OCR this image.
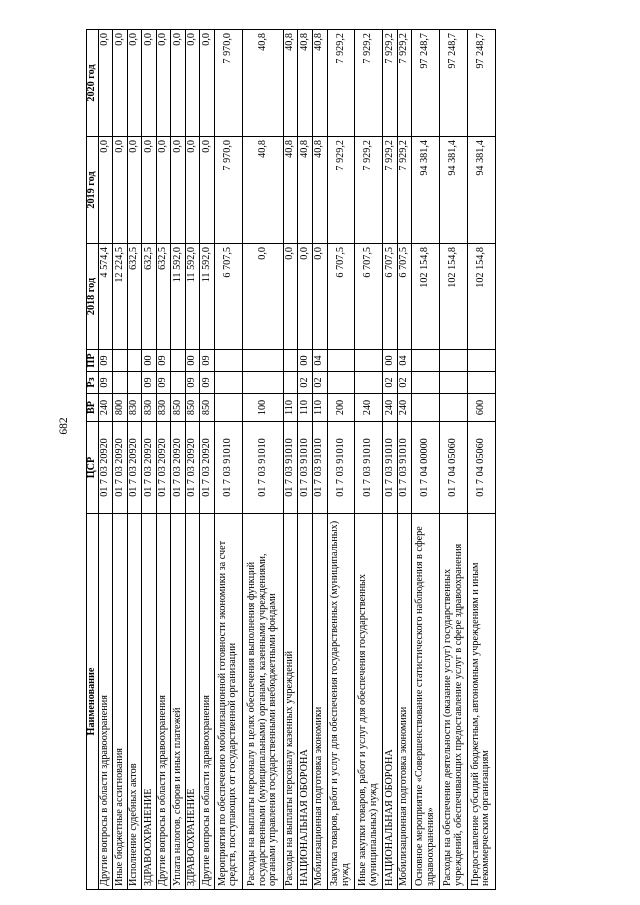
682
Наименование	ЦСР	ВР	Рз	ПР	2018 год	2019 год	2020 год
Другие вопросы в области здравоохранения	01 7 03 20920	240	09	09	4 574,4	0,0	0,0
Иные бюджетные ассигнования	01 7 03 20920	800			12 224,5	0,0	0,0
Исполнение судебных актов	01 7 03 20920	830			632,5	0,0	0,0
ЗДРАВООХРАНЕНИЕ	01 7 03 20920	830	09	00	632,5	0,0	0,0
Другие вопросы в области здравоохранения	01 7 03 20920	830	09	09	632,5	0,0	0,0
Уплата налогов, сборов и иных платежей	01 7 03 20920	850			11 592,0	0,0	0,0
ЗДРАВООХРАНЕНИЕ	01 7 03 20920	850	09	00	11 592,0	0,0	0,0
Другие вопросы в области здравоохранения	01 7 03 20920	850	09	09	11 592,0	0,0	0,0
Мероприятия по обеспечению мобилизационной готовности экономики за счет средств, поступающих от государственной организации	01 7 03 91010				6 707,5	7 970,0	7 970,0
Расходы на выплаты персоналу в целях обеспечения выполнения функций государственными (муниципальными) органами, казенными учреждениями, органами управления государственными внебюджетными фондами	01 7 03 91010	100			0,0	40,8	40,8
Расходы на выплаты персоналу казенных учреждений	01 7 03 91010	110			0,0	40,8	40,8
НАЦИОНАЛЬНАЯ ОБОРОНА	01 7 03 91010	110	02	00	0,0	40,8	40,8
Мобилизационная подготовка экономики	01 7 03 91010	110	02	04	0,0	40,8	40,8
Закупка товаров, работ и услуг для обеспечения государственных (муниципальных) нужд	01 7 03 91010	200			6 707,5	7 929,2	7 929,2
Иные закупки товаров, работ и услуг для обеспечения государственных (муниципальных) нужд	01 7 03 91010	240			6 707,5	7 929,2	7 929,2
НАЦИОНАЛЬНАЯ ОБОРОНА	01 7 03 91010	240	02	00	6 707,5	7 929,2	7 929,2
Мобилизационная подготовка экономики	01 7 03 91010	240	02	04	6 707,5	7 929,2	7 929,2
Основное мероприятие «Совершенствование статистического наблюдения в сфере здравоохранения»	01 7 04 00000				102 154,8	94 381,4	97 248,7
Расходы на обеспечение деятельности (оказание услуг) государственных учреждений, обеспечивающих предоставление услуг в сфере здравоохранения	01 7 04 05060				102 154,8	94 381,4	97 248,7
Предоставление субсидий бюджетным, автономным учреждениям и иным некоммерческим организациям	01 7 04 05060	600			102 154,8	94 381,4	97 248,7
